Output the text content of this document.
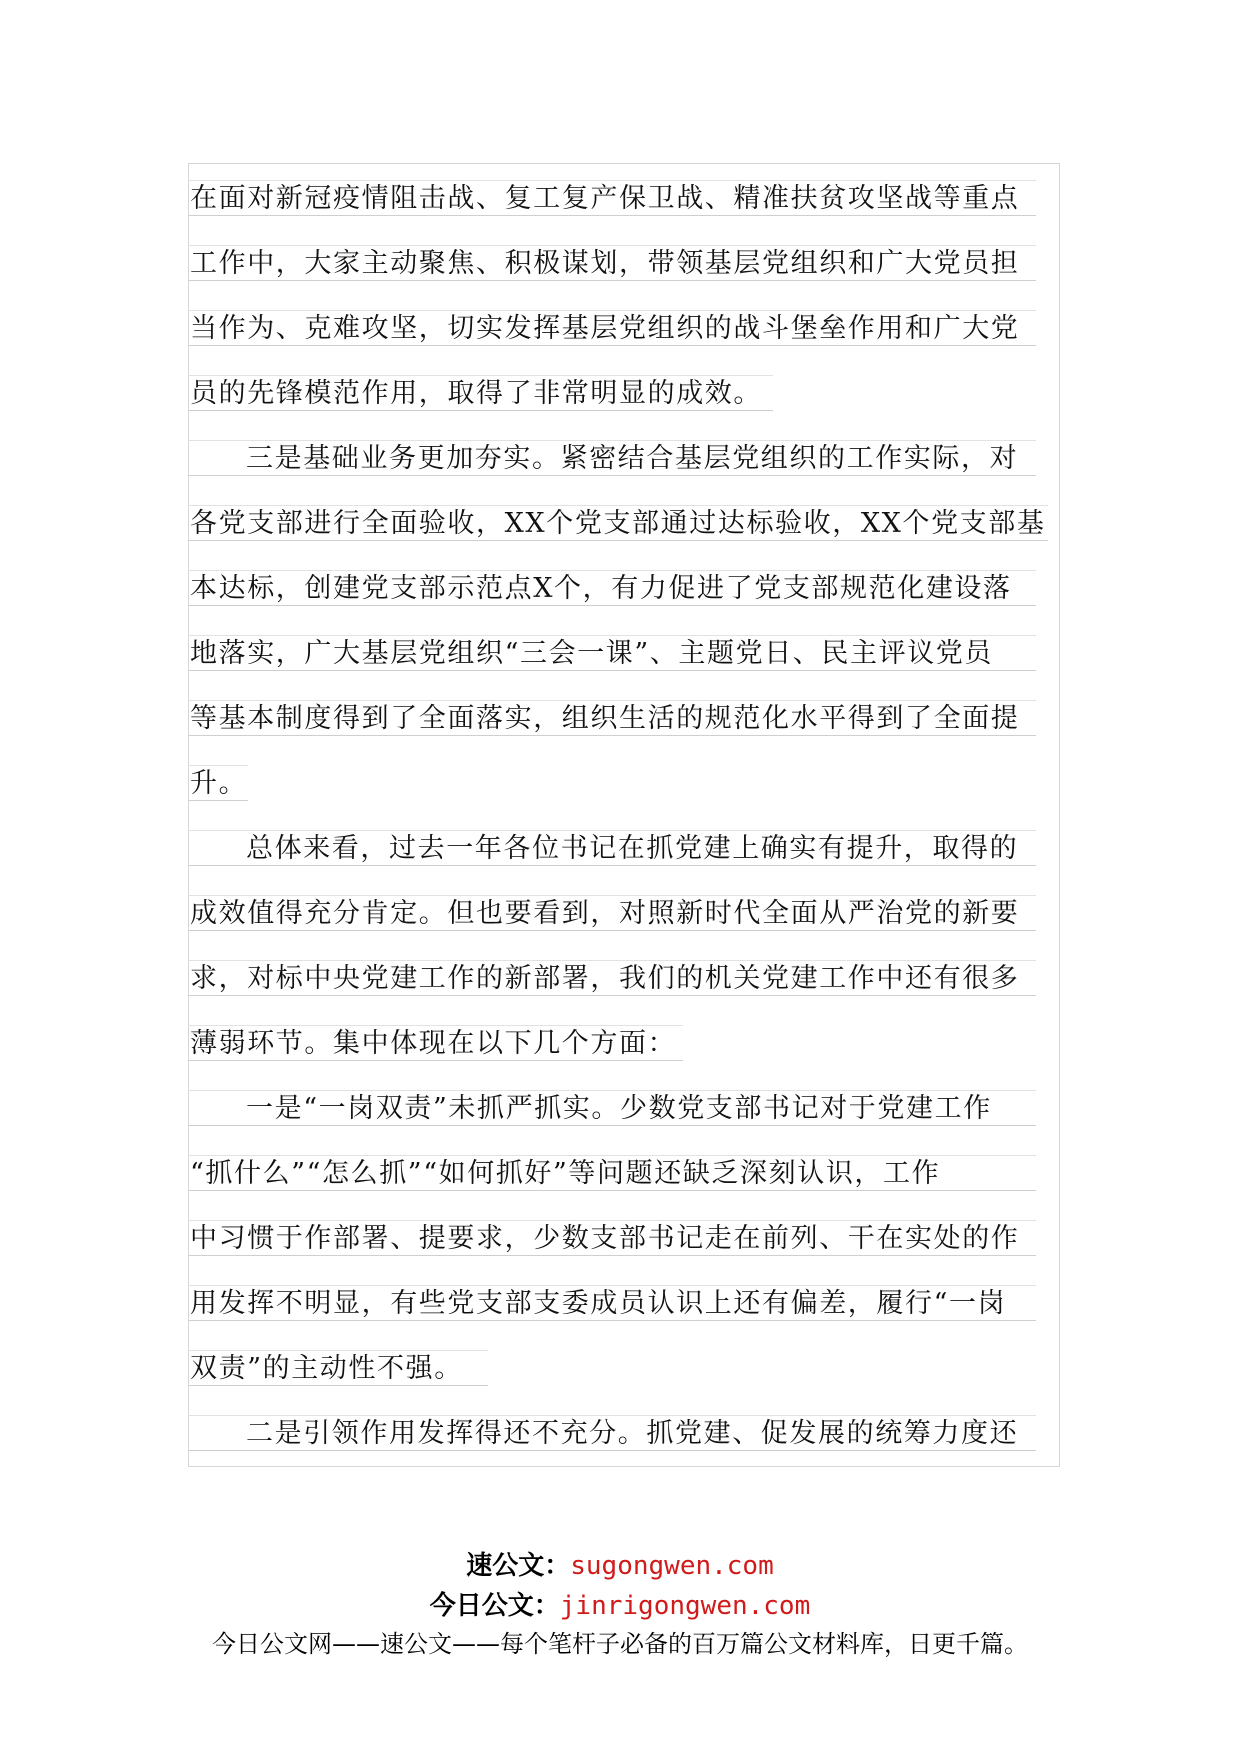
在面对新冠疫情阻击战、复工复产保卫战、精准扶贫攻坚战等重点
工作中，大家主动聚焦、积极谋划，带领基层党组织和广大党员担
当作为、克难攻坚，切实发挥基层党组织的战斗堡垒作用和广大党
员的先锋模范作用，取得了非常明显的成效。
三是基础业务更加夯实。紧密结合基层党组织的工作实际，对
各党支部进行全面验收，XX个党支部通过达标验收，XX个党支部基
本达标，创建党支部示范点X个，有力促进了党支部规范化建设落
地落实，广大基层党组织“三会一课”、主题党日、民主评议党员
等基本制度得到了全面落实，组织生活的规范化水平得到了全面提
升。
总体来看，过去一年各位书记在抓党建上确实有提升，取得的
成效值得充分肯定。但也要看到，对照新时代全面从严治党的新要
求，对标中央党建工作的新部署，我们的机关党建工作中还有很多
薄弱环节。集中体现在以下几个方面：
一是“一岗双责”未抓严抓实。少数党支部书记对于党建工作
“抓什么”“怎么抓”“如何抓好”等问题还缺乏深刻认识，工作
中习惯于作部署、提要求，少数支部书记走在前列、干在实处的作
用发挥不明显，有些党支部支委成员认识上还有偏差，履行“一岗
双责”的主动性不强。
二是引领作用发挥得还不充分。抓党建、促发展的统筹力度还
速公文：sugongwen.com
今日公文：jinrigongwen.com
今日公文网——速公文——每个笔杆子必备的百万篇公文材料库，日更千篇。
